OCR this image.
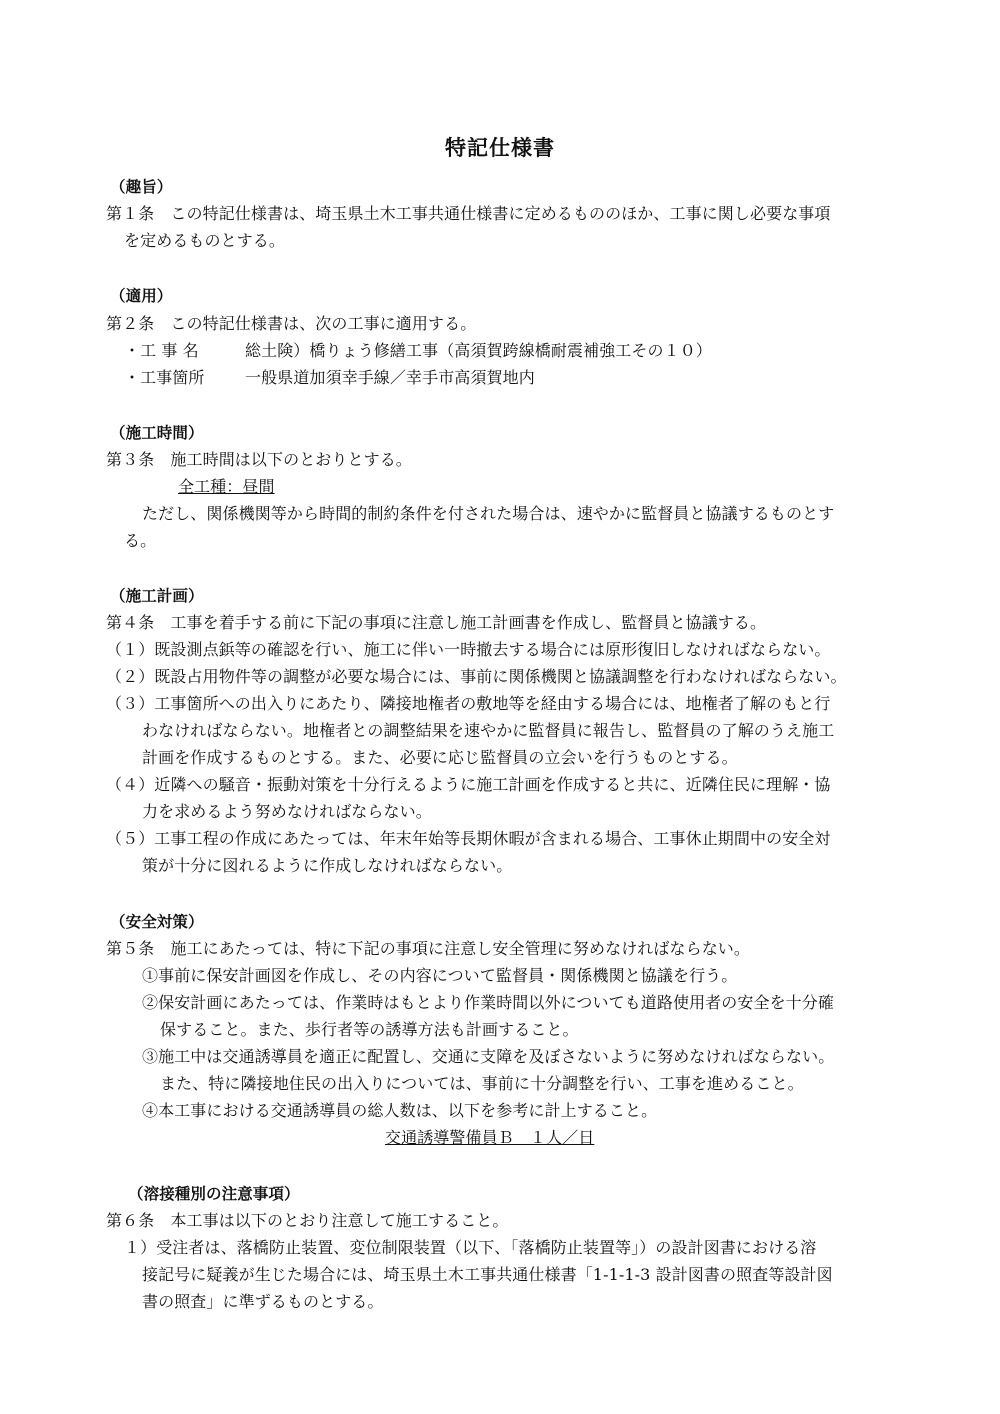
特記仕様書
（趣旨）
第１条　この特記仕様書は、埼玉県土木工事共通仕様書に定めるもののほか、工事に関し必要な事項
を定めるものとする。
（適用）
第２条　この特記仕様書は、次の工事に適用する。
・工 事 名	総土険）橋りょう修繕工事（高須賀跨線橋耐震補強工その１０）
・工事箇所	一般県道加須幸手線／幸手市高須賀地内
（施工時間）
第３条　施工時間は以下のとおりとする。
全工種：昼間
ただし、関係機関等から時間的制約条件を付された場合は、速やかに監督員と協議するものとす
る。
（施工計画）
第４条　工事を着手する前に下記の事項に注意し施工計画書を作成し、監督員と協議する。
（１）既設測点鋲等の確認を行い、施工に伴い一時撤去する場合には原形復旧しなければならない。
（２）既設占用物件等の調整が必要な場合には、事前に関係機関と協議調整を行わなければならない。
（３）工事箇所への出入りにあたり、隣接地権者の敷地等を経由する場合には、地権者了解のもと行
わなければならない。地権者との調整結果を速やかに監督員に報告し、監督員の了解のうえ施工
計画を作成するものとする。また、必要に応じ監督員の立会いを行うものとする。
（４）近隣への騒音・振動対策を十分行えるように施工計画を作成すると共に、近隣住民に理解・協
力を求めるよう努めなければならない。
（５）工事工程の作成にあたっては、年末年始等長期休暇が含まれる場合、工事休止期間中の安全対
策が十分に図れるように作成しなければならない。
（安全対策）
第５条　施工にあたっては、特に下記の事項に注意し安全管理に努めなければならない。
①事前に保安計画図を作成し、その内容について監督員・関係機関と協議を行う。
②保安計画にあたっては、作業時はもとより作業時間以外についても道路使用者の安全を十分確
保すること。また、歩行者等の誘導方法も計画すること。
③施工中は交通誘導員を適正に配置し、交通に支障を及ぼさないように努めなければならない。
また、特に隣接地住民の出入りについては、事前に十分調整を行い、工事を進めること。
④本工事における交通誘導員の総人数は、以下を参考に計上すること。
交通誘導警備員Ｂ　１人／日
（溶接種別の注意事項）
第６条　本工事は以下のとおり注意して施工すること。
１）受注者は、落橋防止装置、変位制限装置（以下、「落橋防止装置等」）の設計図書における溶
接記号に疑義が生じた場合には、埼玉県土木工事共通仕様書「1-1-1-3 設計図書の照査等設計図
書の照査」に準ずるものとする。
